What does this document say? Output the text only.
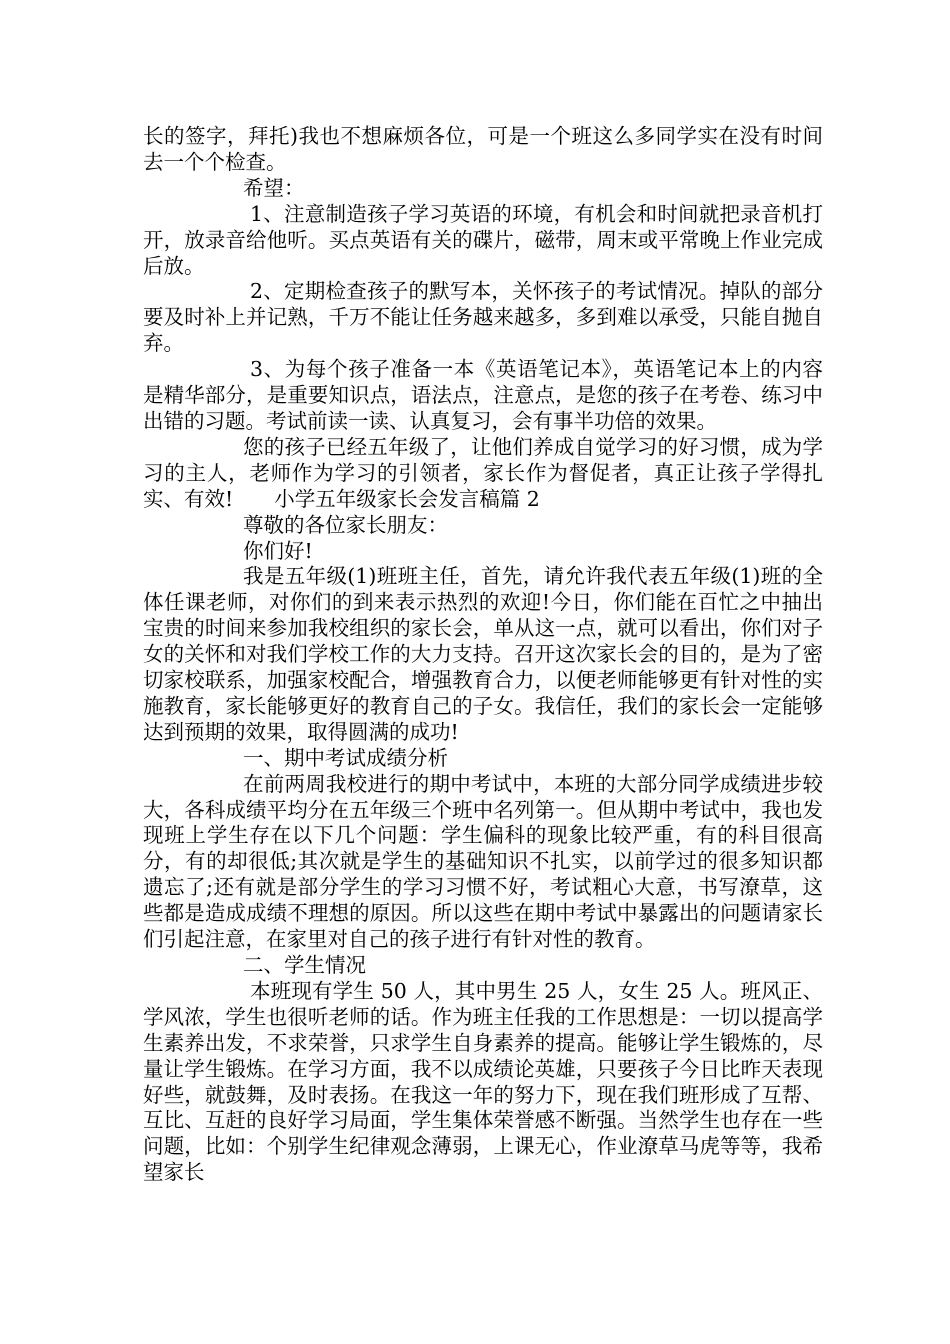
长的签字，拜托)我也不想麻烦各位，可是一个班这么多同学实在没有时间去一个个检查。

希望：

1、注意制造孩子学习英语的环境，有机会和时间就把录音机打开，放录音给他听。买点英语有关的碟片，磁带，周末或平常晚上作业完成后放。

2、定期检查孩子的默写本，关怀孩子的考试情况。掉队的部分要及时补上并记熟，千万不能让任务越来越多，多到难以承受，只能自抛自弃。

3、为每个孩子准备一本《英语笔记本》，英语笔记本上的内容是精华部分，是重要知识点，语法点，注意点，是您的孩子在考卷、练习中出错的习题。考试前读一读、认真复习，会有事半功倍的效果。

您的孩子已经五年级了，让他们养成自觉学习的好习惯，成为学习的主人，老师作为学习的引领者，家长作为督促者，真正让孩子学得扎实、有效!　　小学五年级家长会发言稿篇 2

尊敬的各位家长朋友：

你们好!

我是五年级(1)班班主任，首先，请允许我代表五年级(1)班的全体任课老师，对你们的到来表示热烈的欢迎!今日，你们能在百忙之中抽出宝贵的时间来参加我校组织的家长会，单从这一点，就可以看出，你们对子女的关怀和对我们学校工作的大力支持。召开这次家长会的目的，是为了密切家校联系，加强家校配合，增强教育合力，以便老师能够更有针对性的实施教育，家长能够更好的教育自己的子女。我信任，我们的家长会一定能够达到预期的效果，取得圆满的成功!

一、期中考试成绩分析

在前两周我校进行的期中考试中，本班的大部分同学成绩进步较大，各科成绩平均分在五年级三个班中名列第一。但从期中考试中，我也发现班上学生存在以下几个问题：学生偏科的现象比较严重，有的科目很高分，有的却很低;其次就是学生的基础知识不扎实，以前学过的很多知识都遗忘了;还有就是部分学生的学习习惯不好，考试粗心大意，书写潦草，这些都是造成成绩不理想的原因。所以这些在期中考试中暴露出的问题请家长们引起注意，在家里对自己的孩子进行有针对性的教育。

二、学生情况

本班现有学生 50 人，其中男生 25 人，女生 25 人。班风正、学风浓，学生也很听老师的话。作为班主任我的工作思想是：一切以提高学生素养出发，不求荣誉，只求学生自身素养的提高。能够让学生锻炼的，尽量让学生锻炼。在学习方面，我不以成绩论英雄，只要孩子今日比昨天表现好些，就鼓舞，及时表扬。在我这一年的努力下，现在我们班形成了互帮、互比、互赶的良好学习局面，学生集体荣誉感不断强。当然学生也存在一些问题，比如：个别学生纪律观念薄弱，上课无心，作业潦草马虎等等，我希望家长
